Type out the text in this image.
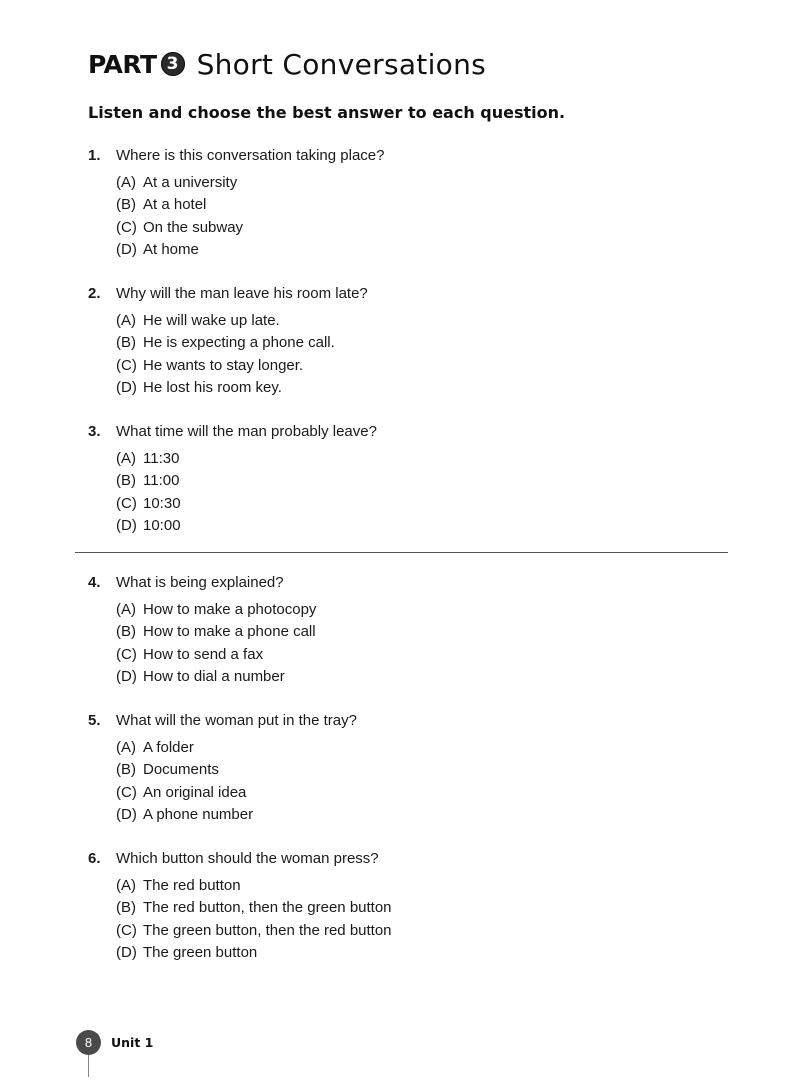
PART 3 Short Conversations
Listen and choose the best answer to each question.
1.	Where is this conversation taking place?
(A) At a university
(B) At a hotel
(C) On the subway
(D) At home
2.	Why will the man leave his room late?
(A) He will wake up late.
(B) He is expecting a phone call.
(C) He wants to stay longer.
(D) He lost his room key.
3.	What time will the man probably leave?
(A) 11:30
(B) 11:00
(C) 10:30
(D) 10:00
4.	What is being explained?
(A) How to make a photocopy
(B) How to make a phone call
(C) How to send a fax
(D) How to dial a number
5.	What will the woman put in the tray?
(A) A folder
(B) Documents
(C) An original idea
(D) A phone number
6.	Which button should the woman press?
(A) The red button
(B) The red button, then the green button
(C) The green button, then the red button
(D) The green button
8 Unit 1
